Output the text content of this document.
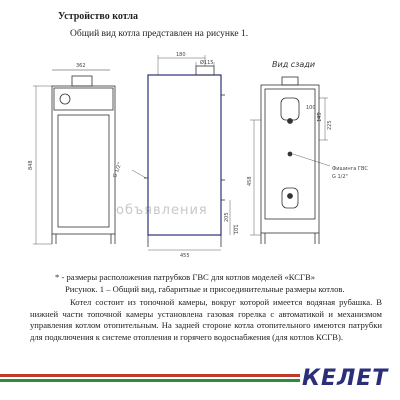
Устройство котла
Общий вид котла представлен на рисунке 1.
объявления
362
848
180
Ø115
G 1/2"
205
101
455
Вид сзади
145
225
458
100
Фишинга ГВС
G 1/2"
* - размеры расположения патрубков ГВС для котлов моделей «КСГВ»
Рисунок. 1 – Общий вид, габаритные и присоединительные размеры котлов.
Котел состоит из топочной камеры, вокруг которой имеется водяная рубашка. В нижней части топочной камеры установлена газовая горелка с автоматикой и механизмом управления котлом отопительным. На задней стороне котла отопительного имеются патрубки для подключения к системе отопления и горячего водоснабжения (для котлов КСГВ).
КЕЛЕТ
